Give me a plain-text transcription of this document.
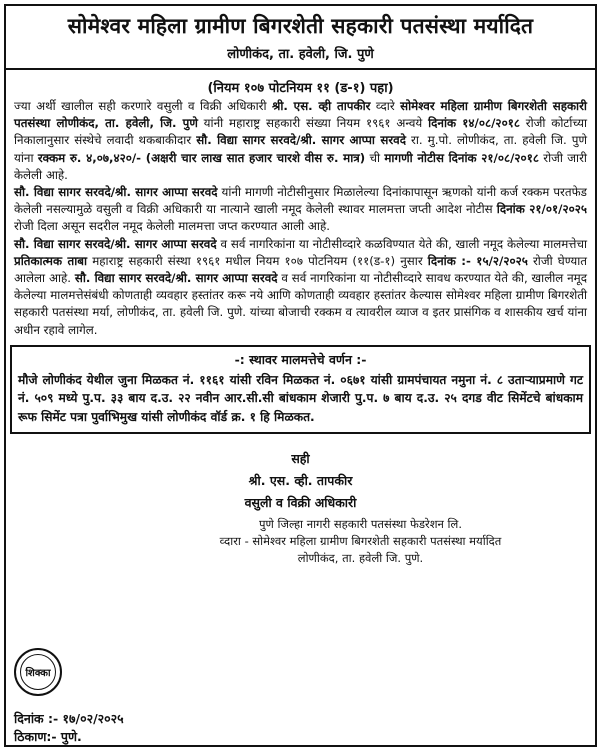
सोमेश्वर महिला ग्रामीण बिगरशेती सहकारी पतसंस्था मर्यादित
लोणीकंद, ता. हवेली, जि. पुणे
(नियम १०७ पोटनियम ११ (ड-१) पहा)

ज्या अर्थी खालील सही करणारे वसुली व विक्री अधिकारी श्री. एस. व्ही तापकीर व्दारे सोमेश्वर महिला ग्रामीण बिगरशेती सहकारी पतसंस्था लोणीकंद, ता. हवेली, जि. पुणे यांनी महाराष्ट्र सहकारी संख्या नियम १९६१ अन्वये दिनांक १४/०८/२०१८ रोजी कोर्टाच्या निकालानुसार संस्थेचे लवादी थकबाकीदार सौ. विद्या सागर सरवदे/श्री. सागर आप्पा सरवदे रा. मु.पो. लोणीकंद, ता. हवेली जि. पुणे यांना रक्कम रु. ४,०७,४२०/- (अक्षरी चार लाख सात हजार चारशे वीस रु. मात्र) ची मागणी नोटीस दिनांक २१/०८/२०१८ रोजी जारी केलेली आहे.

सौ. विद्या सागर सरवदे/श्री. सागर आप्पा सरवदे यांनी मागणी नोटीसीनुसार मिळालेल्या दिनांकापासून ऋणको यांनी कर्ज रक्कम परतफेड केलेली नसल्यामुळे वसुली व विक्री अधिकारी या नात्याने खाली नमूद केलेली स्थावर मालमत्ता जप्ती आदेश नोटीस दिनांक २१/०१/२०२५ रोजी दिला असून सदरील नमूद केलेली मालमत्ता जप्त करण्यात आली आहे.

सौ. विद्या सागर सरवदे/श्री. सागर आप्पा सरवदे व सर्व नागरिकांना या नोटीसीव्दारे कळविण्यात येते की, खाली नमूद केलेल्या मालमत्तेचा प्रतिकात्मक ताबा महाराष्ट्र सहकारी संस्था १९६१ मधील नियम १०७ पोटनियम (११(ड-१) नुसार दिनांक :- १५/२/२०२५ रोजी घेण्यात आलेला आहे. सौ. विद्या सागर सरवदे/श्री. सागर आप्पा सरवदे व सर्व नागरिकांना या नोटीसीव्दारे सावध करण्यात येते की, खालील नमूद केलेल्या मालमत्तेसंबंधी कोणताही व्यवहार हस्तांतर करू नये आणि कोणताही व्यवहार हस्तांतर केल्यास सोमेश्वर महिला ग्रामीण बिगरशेती सहकारी पतसंस्था मर्या, लोणीकंद, ता. हवेली जि. पुणे. यांच्या बोजाची रक्कम व त्यावरील व्याज व इतर प्रासंगिक व शासकीय खर्च यांना अधीन रहावे लागेल.

-: स्थावर मालमत्तेचे वर्णन :-
मौजे लोणीकंद येथील जुना मिळकत नं. ११६१ यांसी रविन मिळकत नं. ०६७१ यांसी ग्रामपंचायत नमुना नं. ८ उताऱ्याप्रमाणे गट नं. ५०९ मध्ये पु.प. ३३ बाय द.उ. २२ नवीन आर.सी.सी बांधकाम शेजारी पु.प. ७ बाय द.उ. २५ दगड वीट सिमेंटचे बांधकाम रूफ सिमेंट पत्रा पुर्वाभिमुख यांसी लोणीकंद वॉर्ड क्र. १ हि मिळकत.
सही
श्री. एस. व्ही. तापकीर
वसुली व विक्री अधिकारी
पुणे जिल्हा नागरी सहकारी पतसंस्था फेडरेशन लि.
व्दारा - सोमेश्वर महिला ग्रामीण बिगरशेती सहकारी पतसंस्था मर्यादित
लोणीकंद, ता. हवेली जि. पुणे.
शिक्का
दिनांक :- १७/०२/२०२५
ठिकाण:- पुणे.
